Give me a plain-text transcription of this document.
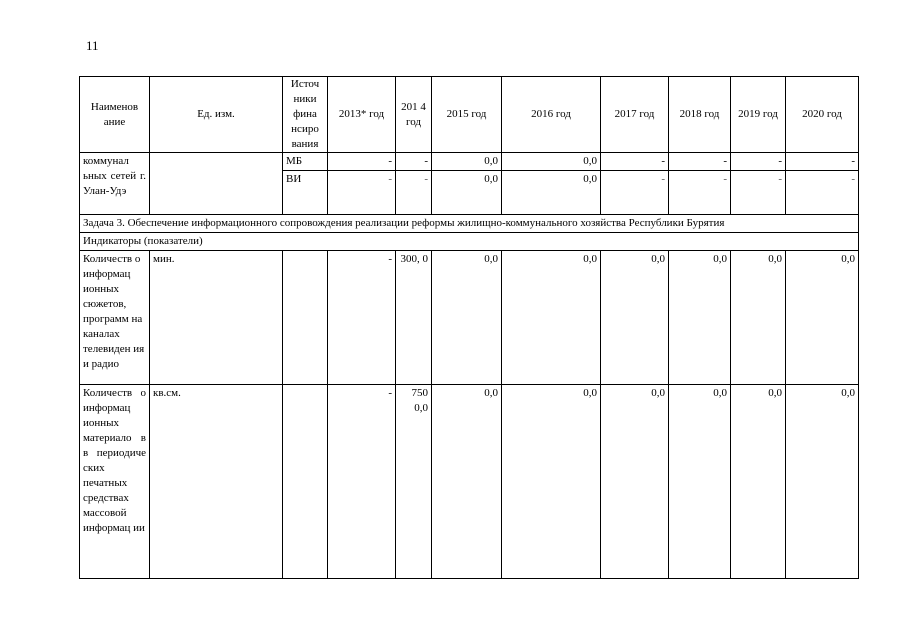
11
Наименов ание	Ед. изм.	Источ ники фина нсиро вания	2013* год	201 4 год	2015 год	2016 год	2017 год	2018 год	2019 год	2020 год
коммунал ьных сетей г. Улан-Удэ		МБ	-	-	0,0	0,0	-	-	-	-
		ВИ	-	-	0,0	0,0	-	-	-	-
Задача 3. Обеспечение информационного сопровождения реализации реформы жилищно-коммунального хозяйства Республики Бурятия										
Индикаторы (показатели)										
Количеств о информац ионных сюжетов, программ на каналах телевиден ия и радио	мин.		-	300, 0	0,0	0,0	0,0	0,0	0,0	0,0
Количеств о информац ионных материало в в периодиче ских печатных средствах массовой информац ии	кв.см.		-	750 0,0	0,0	0,0	0,0	0,0	0,0	0,0
